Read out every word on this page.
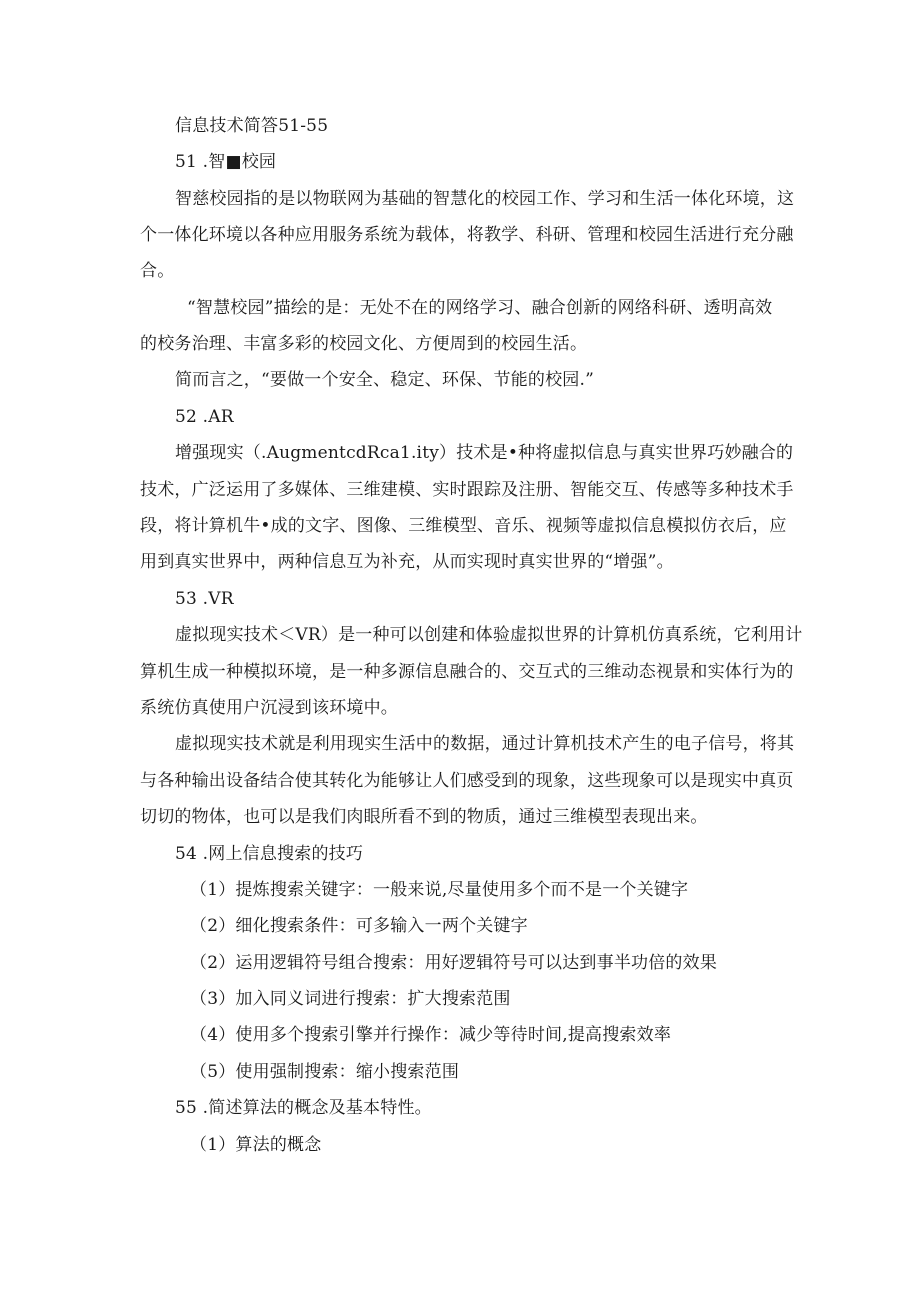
信息技术简答51-55
51 .智■校园
智慈校园指的是以物联网为基础的智慧化的校园工作、学习和生活一体化环境，这
个一体化环境以各种应用服务系统为载体，将教学、科研、管理和校园生活进行充分融
合。
“智慧校园”描绘的是：无处不在的网络学习、融合创新的网络科研、透明高效
的校务治理、丰富多彩的校园文化、方便周到的校园生活。
简而言之，“要做一个安全、稳定、环保、节能的校园.”
52 .AR
增强现实（.AugmentcdRca1.ity）技术是•种将虚拟信息与真实世界巧妙融合的
技术，广泛运用了多媒体、三维建模、实时跟踪及注册、智能交互、传感等多种技术手
段，将计算机牛•成的文字、图像、三维模型、音乐、视频等虚拟信息模拟仿衣后，应
用到真实世界中，两种信息互为补充，从而实现时真实世界的“增强”。
53 .VR
虚拟现实技术＜VR）是一种可以创建和体验虚拟世界的计算机仿真系统，它利用计
算机生成一种模拟环境，是一种多源信息融合的、交互式的三维动态视景和实体行为的
系统仿真使用户沉浸到该环境中。
虚拟现实技术就是利用现实生活中的数据，通过计算机技术产生的电子信号，将其
与各种输出设备结合使其转化为能够让人们感受到的现象，这些现象可以是现实中真页
切切的物体，也可以是我们肉眼所看不到的物质，通过三维模型表现出来。
54 .网上信息搜索的技巧
（1）提炼搜索关键字：一般来说,尽量使用多个而不是一个关键字
（2）细化搜索条件：可多输入一两个关键字
（2）运用逻辑符号组合搜索：用好逻辑符号可以达到事半功倍的效果
（3）加入同义词进行搜索：扩大搜索范围
（4）使用多个搜索引擎并行操作：减少等待时间,提高搜索效率
（5）使用强制搜索：缩小搜索范围
55 .简述算法的概念及基本特性。
（1）算法的概念
